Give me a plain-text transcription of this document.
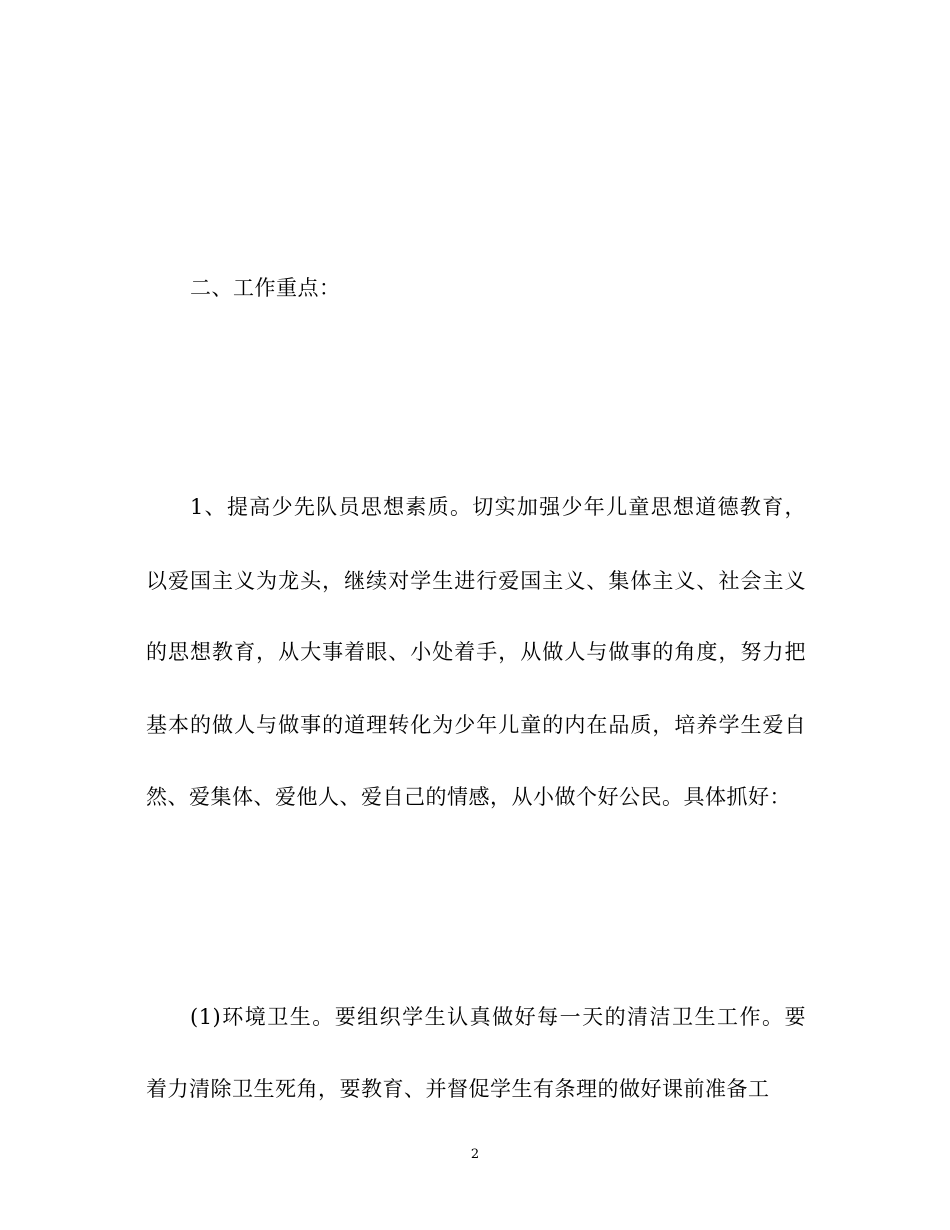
二、工作重点：
1、提高少先队员思想素质。切实加强少年儿童思想道德教育，
以爱国主义为龙头，继续对学生进行爱国主义、集体主义、社会主义
的思想教育，从大事着眼、小处着手，从做人与做事的角度，努力把
基本的做人与做事的道理转化为少年儿童的内在品质，培养学生爱自
然、爱集体、爱他人、爱自己的情感，从小做个好公民。具体抓好：
(1)环境卫生。要组织学生认真做好每一天的清洁卫生工作。要
着力清除卫生死角，要教育、并督促学生有条理的做好课前准备工
2
